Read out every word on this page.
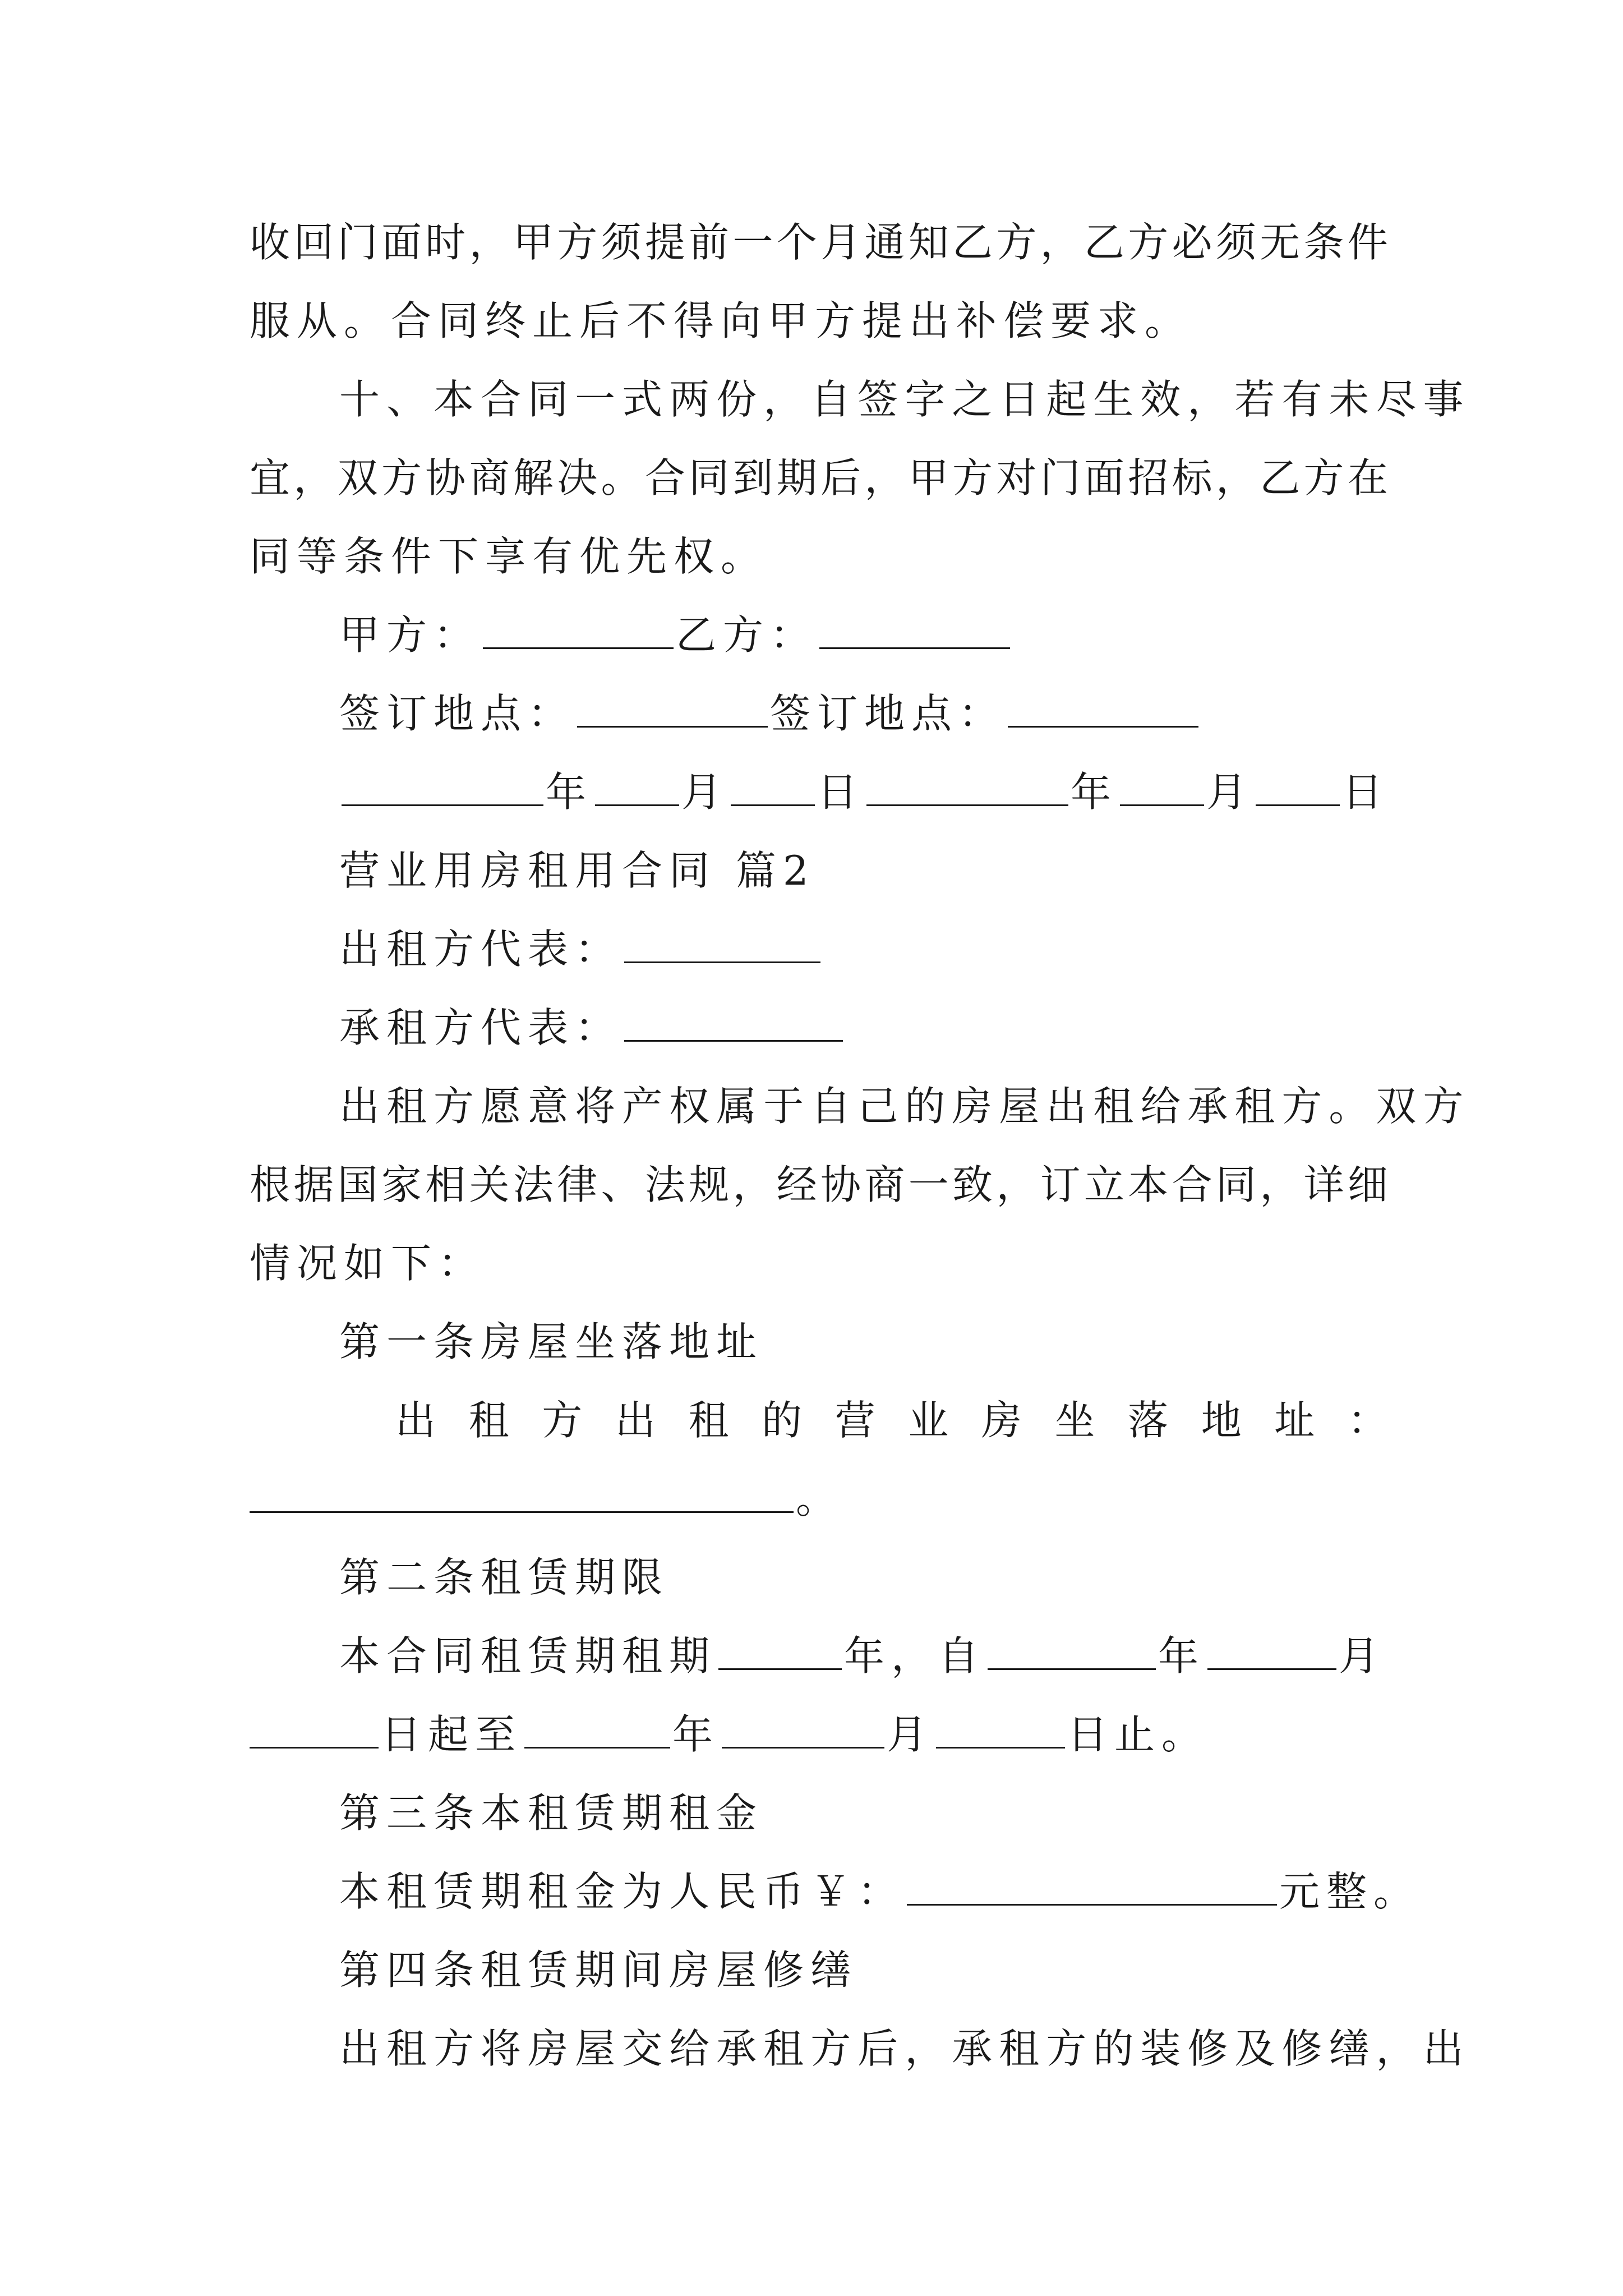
收 回 门 面 时 ， 甲 方 须 提 前 一 个 月 通 知 乙 方 ， 乙 方 必 须 无 条 件
服从。合同终止后不得向甲方提出补偿要求。
十 、 本 合 同 一 式 两 份 ， 自 签 字 之 日 起 生 效 ， 若 有 未 尽 事
宜 ， 双 方 协 商 解 决 。 合 同 到 期 后 ， 甲 方 对 门 面 招 标 ， 乙 方 在
同等条件下享有优先权。
甲方：	乙方：
签订地点：	签订地点：
年 月 日	年 月 日
营业用房租用合同 篇2
出租方代表：
承租方代表：
出 租 方 愿 意 将 产 权 属 于 自 己 的 房 屋 出 租 给 承 租 方 。 双 方
根 据 国 家 相 关 法 律 、 法 规 ， 经 协 商 一 致 ， 订 立 本 合 同 ， 详 细
情况如下：
第一条房屋坐落地址
出 租 方 出 租 的 营 业 房 坐 落 地 址 ：
。
第二条租赁期限
本合同租赁期租期	年，自	年	月
日起至	年	月	日止。
第三条本租赁期租金
本租赁期租金为人民币￥：	元整。
第四条租赁期间房屋修缮
出 租 方 将 房 屋 交 给 承 租 方 后 ， 承 租 方 的 装 修 及 修 缮 ， 出
